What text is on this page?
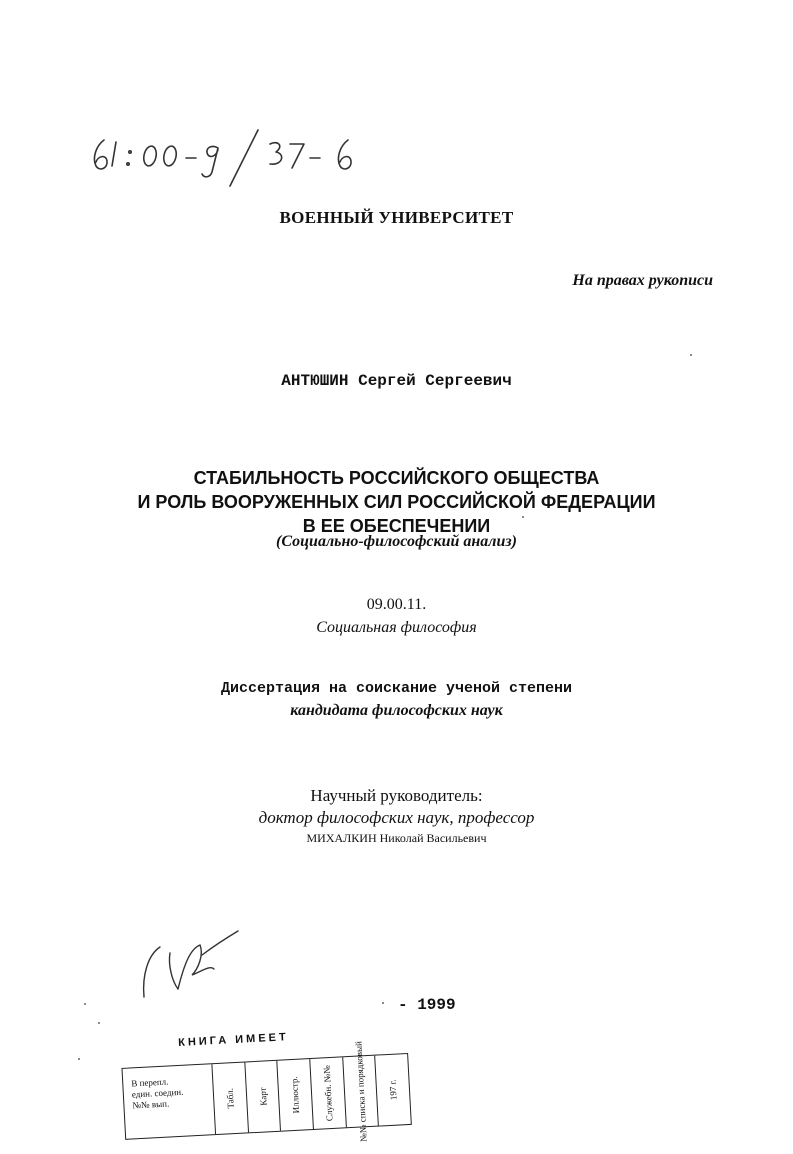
ВОЕННЫЙ УНИВЕРСИТЕТ
На правах рукописи
АНТЮШИН Сергей Сергеевич
СТАБИЛЬНОСТЬ РОССИЙСКОГО ОБЩЕСТВА
И РОЛЬ ВООРУЖЕННЫХ СИЛ РОССИЙСКОЙ ФЕДЕРАЦИИ
В ЕЕ ОБЕСПЕЧЕНИИ
(Социально-философский анализ)
09.00.11.
Социальная философия
Диссертация на соискание ученой степени
кандидата философских наук
Научный руководитель:
доктор философских наук, профессор
МИХАЛКИН Николай Васильевич
- 1999
КНИГА ИМЕЕТ
В перепл.
един. соедин.
№№ вып.	Табл. Карт Иллюстр. Служебн. №№ №№ списка и порядковый 197 г.
